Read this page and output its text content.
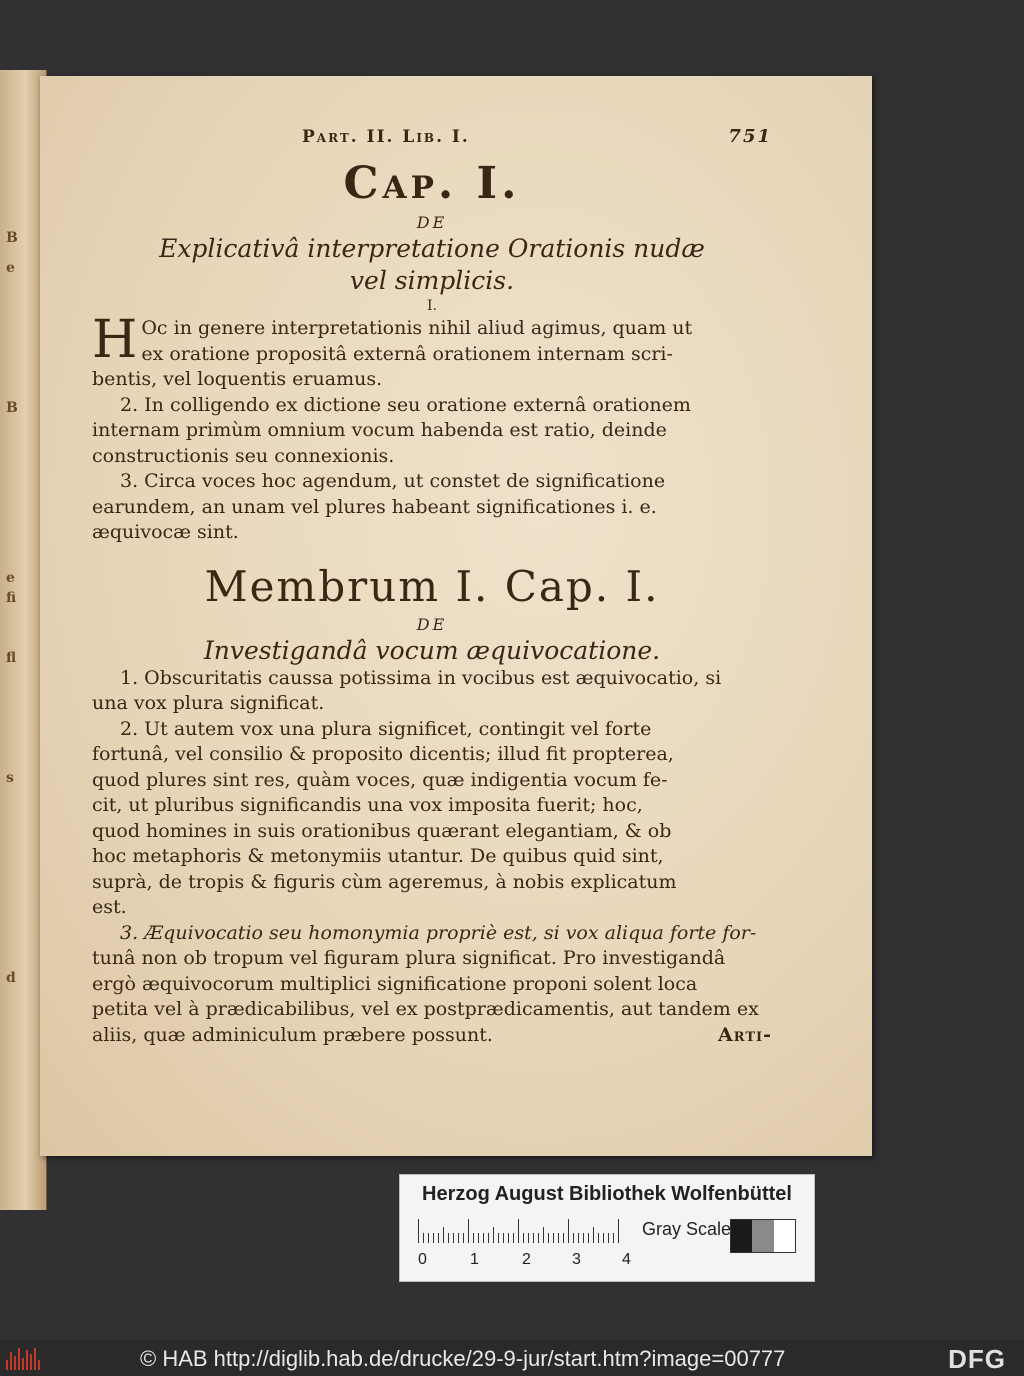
B
e
B
e
fi
fl
s
d
Part. II. Lib. I.	751
Cap. I.
DE
Explicativâ interpretatione Orationis nudæ
vel simplicis.
I.
H Oc in genere interpretationis nihil aliud agimus, quam ut
ex oratione propositâ externâ orationem internam scri-
bentis, vel loquentis eruamus.
2. In colligendo ex dictione seu oratione externâ orationem
internam primùm omnium vocum habenda est ratio, deinde
constructionis seu connexionis.
3. Circa voces hoc agendum, ut constet de significatione
earundem, an unam vel plures habeant significationes i. e.
æquivocæ sint.
Membrum I. Cap. I.
DE
Investigandâ vocum æquivocatione.
1. Obscuritatis caussa potissima in vocibus est æquivocatio, si
una vox plura significat.
2. Ut autem vox una plura significet, contingit vel forte
fortunâ, vel consilio & proposito dicentis; illud fit propterea,
quod plures sint res, quàm voces, quæ indigentia vocum fe-
cit, ut pluribus significandis una vox imposita fuerit; hoc,
quod homines in suis orationibus quærant elegantiam, & ob
hoc metaphoris & metonymiis utantur. De quibus quid sint,
suprà, de tropis & figuris cùm ageremus, à nobis explicatum
est.
3. Æquivocatio seu homonymia propriè est, si vox aliqua forte for-
tunâ non ob tropum vel figuram plura significat. Pro investigandâ
ergò æquivocorum multiplici significatione proponi solent loca
petita vel à prædicabilibus, vel ex postprædicamentis, aut tandem ex
aliis, quæ adminiculum præbere possunt.	Arti-
Herzog August Bibliothek Wolfenbüttel
0	1	2	3	4
Gray Scale
© HAB http://diglib.hab.de/drucke/29-9-jur/start.htm?image=00777	DFG
